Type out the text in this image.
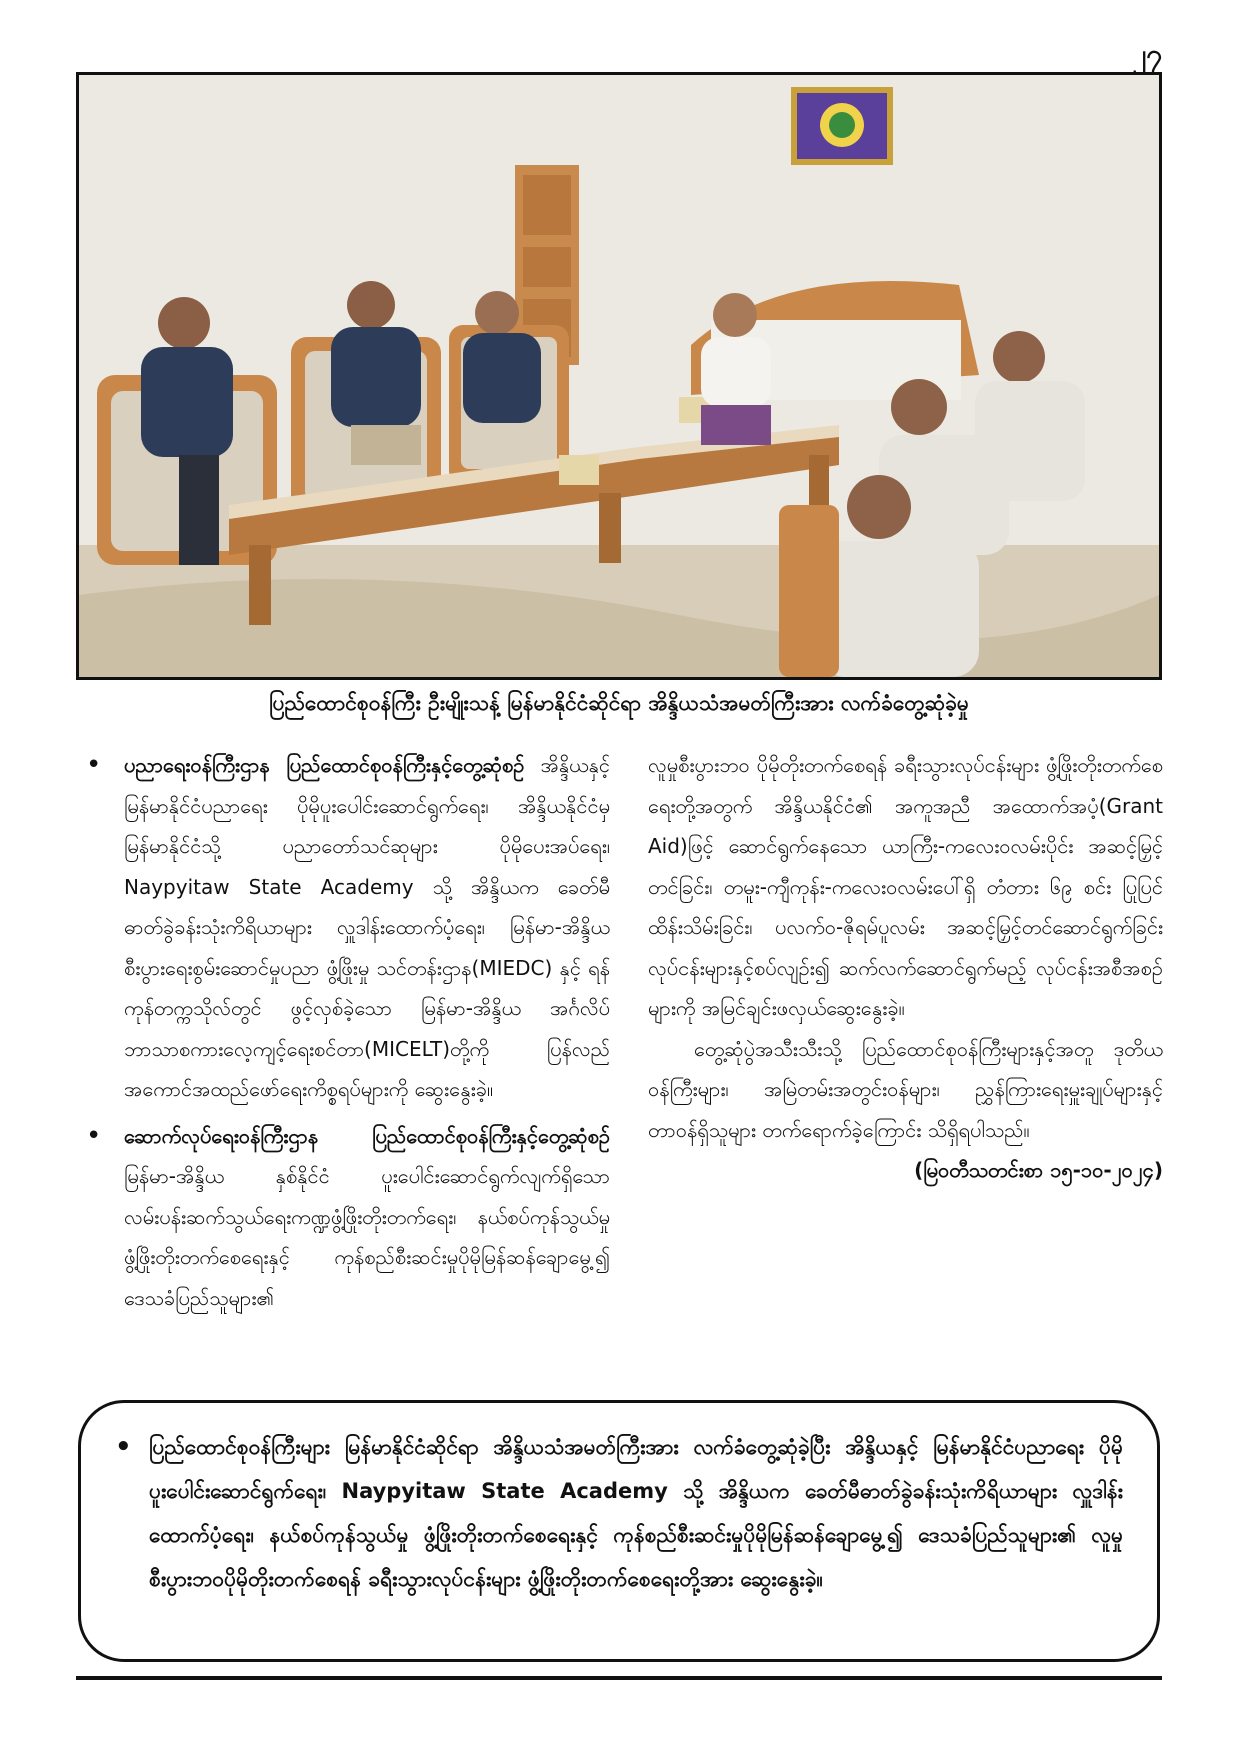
၂၇
ပြည်ထောင်စုဝန်ကြီး ဦးမျိုးသန့် မြန်မာနိုင်ငံဆိုင်ရာ အိန္ဒိယသံအမတ်ကြီးအား လက်ခံတွေ့ဆုံခဲ့မှု
• ပညာရေးဝန်ကြီးဌာန ပြည်ထောင်စုဝန်ကြီးနှင့်တွေ့ဆုံစဉ် အိန္ဒိယနှင့် မြန်မာနိုင်ငံပညာရေး ပိုမိုပူးပေါင်းဆောင်ရွက်ရေး၊ အိန္ဒိယနိုင်ငံမှ မြန်မာနိုင်ငံသို့ ပညာတော်သင်ဆုများ ပိုမိုပေးအပ်ရေး၊ Naypyitaw State Academy သို့ အိန္ဒိယက ခေတ်မီဓာတ်ခွဲခန်းသုံးကိရိယာများ လှူဒါန်းထောက်ပံ့ရေး၊ မြန်မာ-အိန္ဒိယ စီးပွားရေးစွမ်းဆောင်မှုပညာ ဖွံ့ဖြိုးမှု သင်တန်းဌာန(MIEDC) နှင့် ရန်ကုန်တက္ကသိုလ်တွင် ဖွင့်လှစ်ခဲ့သော မြန်မာ-အိန္ဒိယ အင်္ဂလိပ်ဘာသာစကားလေ့ကျင့်ရေးစင်တာ(MICELT)တို့ကို ပြန်လည်အကောင်အထည်ဖော်ရေးကိစ္စရပ်များကို ဆွေးနွေးခဲ့။
• ဆောက်လုပ်ရေးဝန်ကြီးဌာန ပြည်ထောင်စုဝန်ကြီးနှင့်တွေ့ဆုံစဉ် မြန်မာ-အိန္ဒိယ နှစ်နိုင်ငံ ပူးပေါင်းဆောင်ရွက်လျက်ရှိသော လမ်းပန်းဆက်သွယ်ရေးကဏ္ဍဖွံ့ဖြိုးတိုးတက်ရေး၊ နယ်စပ်ကုန်သွယ်မှု ဖွံ့ဖြိုးတိုးတက်စေရေးနှင့် ကုန်စည်စီးဆင်းမှုပိုမိုမြန်ဆန်ချောမွေ့၍ ဒေသခံပြည်သူများ၏
လူမှုစီးပွားဘဝ ပိုမိုတိုးတက်စေရန် ခရီးသွားလုပ်ငန်းများ ဖွံ့ဖြိုးတိုးတက်စေရေးတို့အတွက် အိန္ဒိယနိုင်ငံ၏ အကူအညီ အထောက်အပံ့(Grant Aid)ဖြင့် ဆောင်ရွက်နေသော ယာကြီး-ကလေးဝလမ်းပိုင်း အဆင့်မြှင့်တင်ခြင်း၊ တမူး-ကျီကုန်း-ကလေးဝလမ်းပေါ်ရှိ တံတား ၆၉ စင်း ပြုပြင်ထိန်းသိမ်းခြင်း၊ ပလက်ဝ-ဇိုရမ်ပူလမ်း အဆင့်မြှင့်တင်ဆောင်ရွက်ခြင်းလုပ်ငန်းများနှင့်စပ်လျဉ်း၍ ဆက်လက်ဆောင်ရွက်မည့် လုပ်ငန်းအစီအစဉ်များကို အမြင်ချင်းဖလှယ်ဆွေးနွေးခဲ့။
တွေ့ဆုံပွဲအသီးသီးသို့ ပြည်ထောင်စုဝန်ကြီးများနှင့်အတူ ဒုတိယဝန်ကြီးများ၊ အမြဲတမ်းအတွင်းဝန်များ၊ ညွှန်ကြားရေးမှူးချုပ်များနှင့် တာဝန်ရှိသူများ တက်ရောက်ခဲ့ကြောင်း သိရှိရပါသည်။
(မြဝတီသတင်းစာ ၁၅-၁၀-၂၀၂၄)
• ပြည်ထောင်စုဝန်ကြီးများ မြန်မာနိုင်ငံဆိုင်ရာ အိန္ဒိယသံအမတ်ကြီးအား လက်ခံတွေ့ဆုံခဲ့ပြီး အိန္ဒိယနှင့် မြန်မာနိုင်ငံပညာရေး ပိုမိုပူးပေါင်းဆောင်ရွက်ရေး၊ Naypyitaw State Academy သို့ အိန္ဒိယက ခေတ်မီဓာတ်ခွဲခန်းသုံးကိရိယာများ လှူဒါန်းထောက်ပံ့ရေး၊ နယ်စပ်ကုန်သွယ်မှု ဖွံ့ဖြိုးတိုးတက်စေရေးနှင့် ကုန်စည်စီးဆင်းမှုပိုမိုမြန်ဆန်ချောမွေ့၍ ဒေသခံပြည်သူများ၏ လူမှုစီးပွားဘဝပိုမိုတိုးတက်စေရန် ခရီးသွားလုပ်ငန်းများ ဖွံ့ဖြိုးတိုးတက်စေရေးတို့အား ဆွေးနွေးခဲ့။
